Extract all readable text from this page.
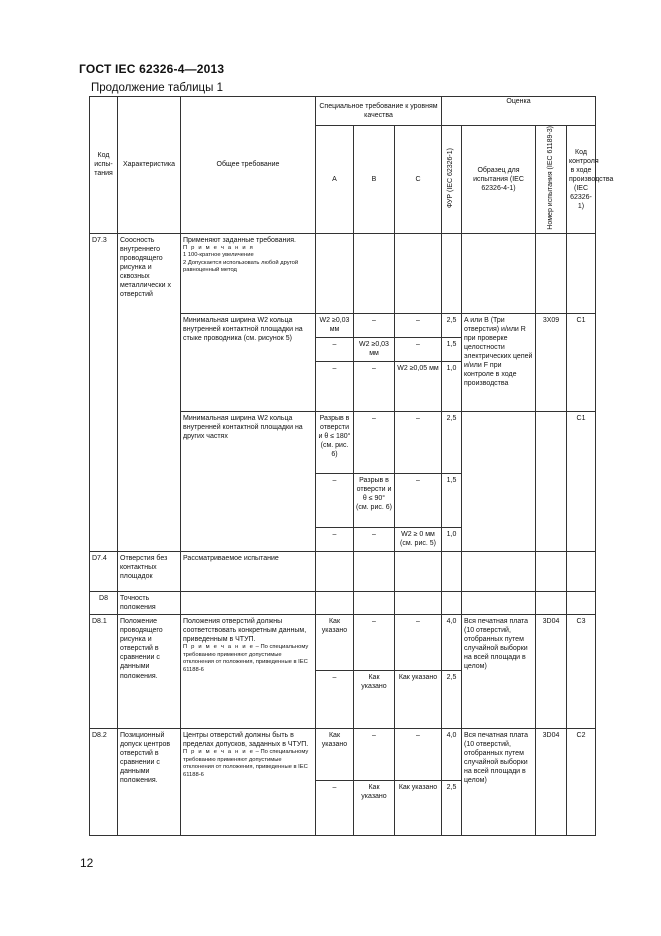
ГОСТ IEC 62326-4—2013
Продолжение таблицы 1
Код испы-тания	Характеристика	Общее требование	Специальное требование к уровням качества			Оценка			
			A	B	C	ФУР (IEC 62326-1)	Образец для испытания (IEC 62326-4-1)	Номер испытания (IEC 61189-3)	Код контроля в ходе производства (IEC 62326-1)
D7.3	Соосность внутреннего проводящего рисунка и сквозных металлически х отверстий	Применяют заданные требования.
П р и м е ч а н и я
1 100-кратное увеличение
2 Допускается использовать любой другой равноценный метод							

		Минимальная ширина W2 кольца внутренней контактной площадки на стыке проводника (см. рисунок 5)	W2 ≥0,03 мм	–	–	2,5	A или B (Три отверстия) и/или R при проверке целостности электрических цепей и/или F при контроле в ходе производства	3X09	C1
			–	W2 ≥0,03 мм	–	1,5			
			–	–	W2 ≥0,05 мм	1,0			
		Минимальная ширина W2 кольца внутренней контактной площадки на других частях	Разрыв в отверсти и θ ≤ 180° (см. рис. 6)	–	–	2,5			C1
			–	Разрыв в отверсти и θ ≤ 90° (см. рис. 6)	–	1,5			
			–	–	W2 ≥ 0 мм (см. рис. 5)	1,0			
D7.4	Отверстия без контактных площадок	Рассматриваемое испытание							
D8	Точность положения								
D8.1	Положение проводящего рисунка и отверстий в сравнении с данными положения.	Положения отверстий должны соответствовать конкретным данным, приведенным в ЧТУП.
П р и м е ч а н и е – По специальному требованию применяют допустимые отклонения от положения, приведенные в IEC 61188-6	Как указано	–	–	4,0	Вся печатная плата (10 отверстий, отобранных путем случайной выборки на всей площади в целом)	3D04	C3
			–	Как указано	Как указано	2,5			
D8.2	Позиционный допуск центров отверстий в сравнении с данными положения.	Центры отверстий должны быть в пределах допусков, заданных в ЧТУП.
П р и м е ч а н и е – По специальному требованию применяют допустимые отклонения от положения, приведенные в IEC 61188-6	Как указано	–	–	4,0	Вся печатная плата (10 отверстий, отобранных путем случайной выборки на всей площади в целом)	3D04	C2
			–	Как указано	Как указано	2,5			
12
